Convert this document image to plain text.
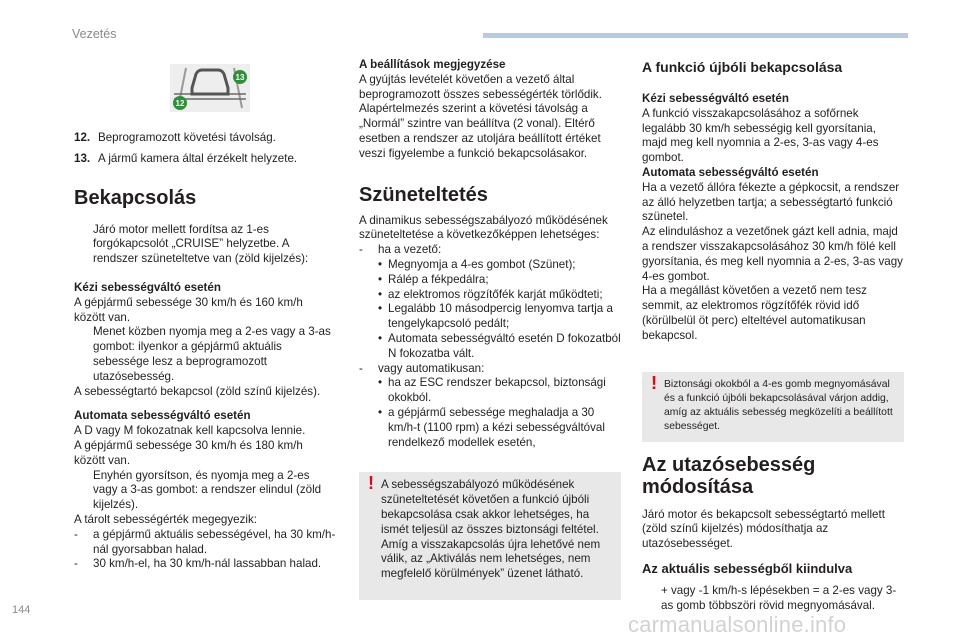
Vezetés
144
carmanualsonline.info
12
13
12. Beprogramozott követési távolság.
13. A jármű kamera által érzékelt helyzete.
Bekapcsolás
Járó motor mellett fordítsa az 1-es forgókapcsolót „CRUISE” helyzetbe. A rendszer szüneteltetve van (zöld kijelzés):

Kézi sebességváltó esetén

A gépjármű sebessége 30 km/h és 160 km/h között van.

Menet közben nyomja meg a 2-es vagy a 3-as gombot: ilyenkor a gépjármű aktuális sebessége lesz a beprogramozott utazósebesség.

A sebességtartó bekapcsol (zöld színű kijelzés).

Automata sebességváltó esetén

A D vagy M fokozatnak kell kapcsolva lennie.

A gépjármű sebessége 30 km/h és 180 km/h között van.

Enyhén gyorsítson, és nyomja meg a 2-es vagy a 3-as gombot: a rendszer elindul (zöld kijelzés).

A tárolt sebességérték megegyezik:

-	a gépjármű aktuális sebességével, ha 30 km/h-nál gyorsabban halad.
-	30 km/h-el, ha 30 km/h-nál lassabban halad.

A beállítások megjegyzése

A gyújtás levételét követően a vezető által beprogramozott összes sebességérték törlődik. Alapértelmezés szerint a követési távolság a „Normál” szintre van beállítva (2 vonal). Eltérő esetben a rendszer az utoljára beállított értéket veszi figyelembe a funkció bekapcsolásakor.

Szüneteltetés

A dinamikus sebességszabályozó működésének szüneteltetése a következőképpen lehetséges:

-	ha a vezető:
• Megnyomja a 4-es gombot (Szünet);
• Rálép a fékpedálra;
• az elektromos rögzítőfék karját működteti;
• Legalább 10 másodpercig lenyomva tartja a tengelykapcsoló pedált;
• Automata sebességváltó esetén D fokozatból N fokozatba vált.
-	vagy automatikusan:
• ha az ESC rendszer bekapcsol, biztonsági okokból.
• a gépjármű sebessége meghaladja a 30 km/h-t (1100 rpm) a kézi sebességváltóval rendelkező modellek esetén,
! A sebességszabályozó működésének szüneteltetését követően a funkció újbóli bekapcsolása csak akkor lehetséges, ha ismét teljesül az összes biztonsági feltétel. Amíg a visszakapcsolás újra lehetővé nem válik, az „Aktiválás nem lehetséges, nem megfelelő körülmények” üzenet látható.
A funkció újbóli bekapcsolása

Kézi sebességváltó esetén

A funkció visszakapcsolásához a sofőrnek legalább 30 km/h sebességig kell gyorsítania, majd meg kell nyomnia a 2-es, 3-as vagy 4-es gombot.

Automata sebességváltó esetén

Ha a vezető állóra fékezte a gépkocsit, a rendszer az álló helyzetben tartja; a sebességtartó funkció szünetel.

Az elinduláshoz a vezetőnek gázt kell adnia, majd a rendszer visszakapcsolásához 30 km/h fölé kell gyorsítania, és meg kell nyomnia a 2-es, 3-as vagy 4-es gombot.

Ha a megállást követően a vezető nem tesz semmit, az elektromos rögzítőfék rövid idő (körülbelül öt perc) elteltével automatikusan bekapcsol.

! Biztonsági okokból a 4-es gomb megnyomásával és a funkció újbóli bekapcsolásával várjon addig, amíg az aktuális sebesség megközelíti a beállított sebességet.
Az utazósebesség módosítása

Járó motor és bekapcsolt sebességtartó mellett (zöld színű kijelzés) módosíthatja az utazósebességet.

Az aktuális sebességből kiindulva
+ vagy -1 km/h-s lépésekben = a 2-es vagy 3-as gomb többszöri rövid megnyomásával.
